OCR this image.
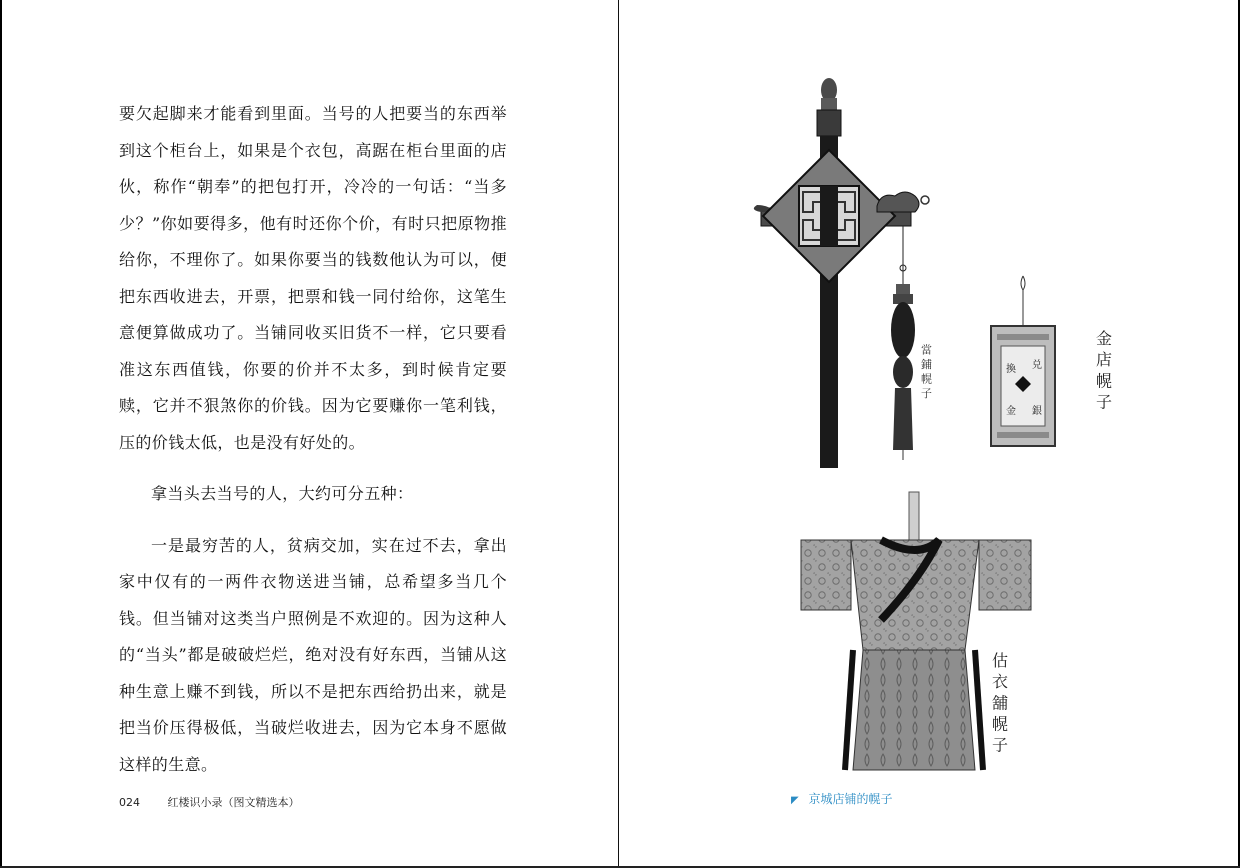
要欠起脚来才能看到里面。当号的人把要当的东西举到这个柜台上，如果是个衣包，高踞在柜台里面的店伙，称作“朝奉”的把包打开，冷冷的一句话：“当多少？”你如要得多，他有时还你个价，有时只把原物推给你，不理你了。如果你要当的钱数他认为可以，便把东西收进去，开票，把票和钱一同付给你，这笔生意便算做成功了。当铺同收买旧货不一样，它只要看准这东西值钱，你要的价并不太多，到时候肯定要赎，它并不狠煞你的价钱。因为它要赚你一笔利钱，压的价钱太低，也是没有好处的。

拿当头去当号的人，大约可分五种：

一是最穷苦的人，贫病交加，实在过不去，拿出家中仅有的一两件衣物送进当铺，总希望多当几个钱。但当铺对这类当户照例是不欢迎的。因为这种人的“当头”都是破破烂烂，绝对没有好东西，当铺从这种生意上赚不到钱，所以不是把东西给扔出来，就是把当价压得极低，当破烂收进去，因为它本身不愿做这样的生意。

024	红楼识小录（图文精选本）
當 鋪 幌 子	金 店 幌 子
估 衣 舖 幌 子
換 兑
金 銀
◤ 京城店铺的幌子
